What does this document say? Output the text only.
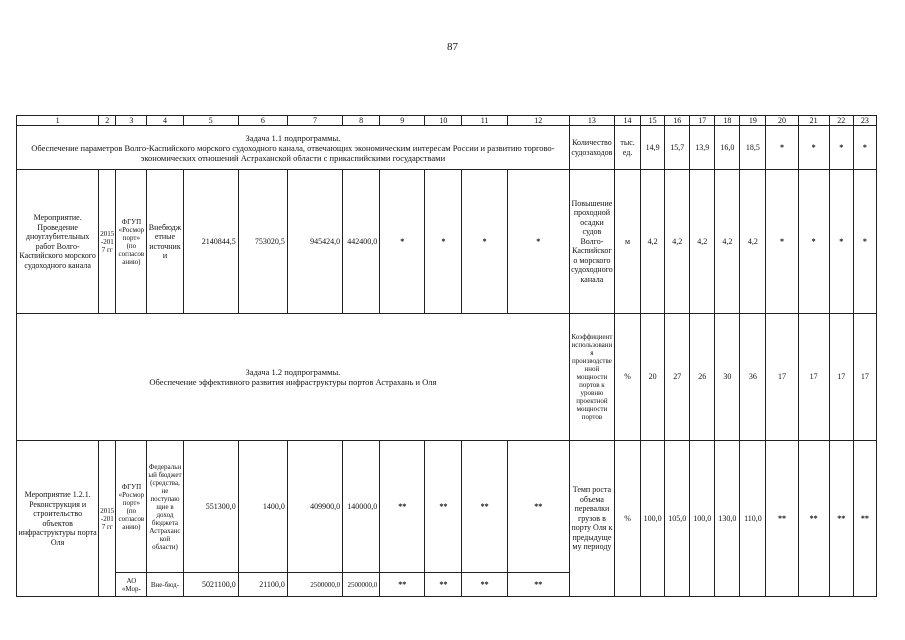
87
1	2	3	4	5	6	7	8	9	10	11	12	13	14	15	16	17	18	19	20	21	22	23

Задача 1.1 подпрограммы.
Обеспечение параметров Волго-Каспийского морского судоходного канала, отвечающих экономическим интересам России и развитию торгово-экономических отношений Астраханской области с прикаспийскими государствами												Количество судозаходов	тыс. ед.	14,9	15,7	13,9	16,0	18,5	*	*	*	*
Мероприятие. Проведение дноуглубительных работ Волго-Каспийского морского судоходного канала	2015-2017 гг	ФГУП «Росморпорт» (по согласованию)	Внебюджетные источники	2140844,5	753020,5	945424,0	442400,0	*	*	*	*	Повышение проходной осадки судов Волго-Каспийского морского судоходного канала	м	4,2	4,2	4,2	4,2	4,2	*	*	*	*

Задача 1.2 подпрограммы.
Обеспечение эффективного развития инфраструктуры портов Астрахань и Оля												Коэффициент использования производственной мощности портов к уровню проектной мощности портов	%	20	27	26	30	36	17	17	17	17
Мероприятие 1.2.1. Реконструкция и строительство объектов инфраструктуры порта Оля	2015-2017 гг	ФГУП «Росморпорт» (по согласованию)	Федеральный бюджет (средства, не поступающие в доход бюджета Астраханской области)	551300,0	1400,0	409900,0	140000,0	**	**	**	**	Темп роста объема перевалки грузов в порту Оля к предыдущему периоду	%	100,0	105,0	100,0	130,0	110,0	**	**	**	**
		АО «Мор-	Вне-бюд-	5021100,0	21100,0	2500000,0	2500000,0	**	**	**	**											
